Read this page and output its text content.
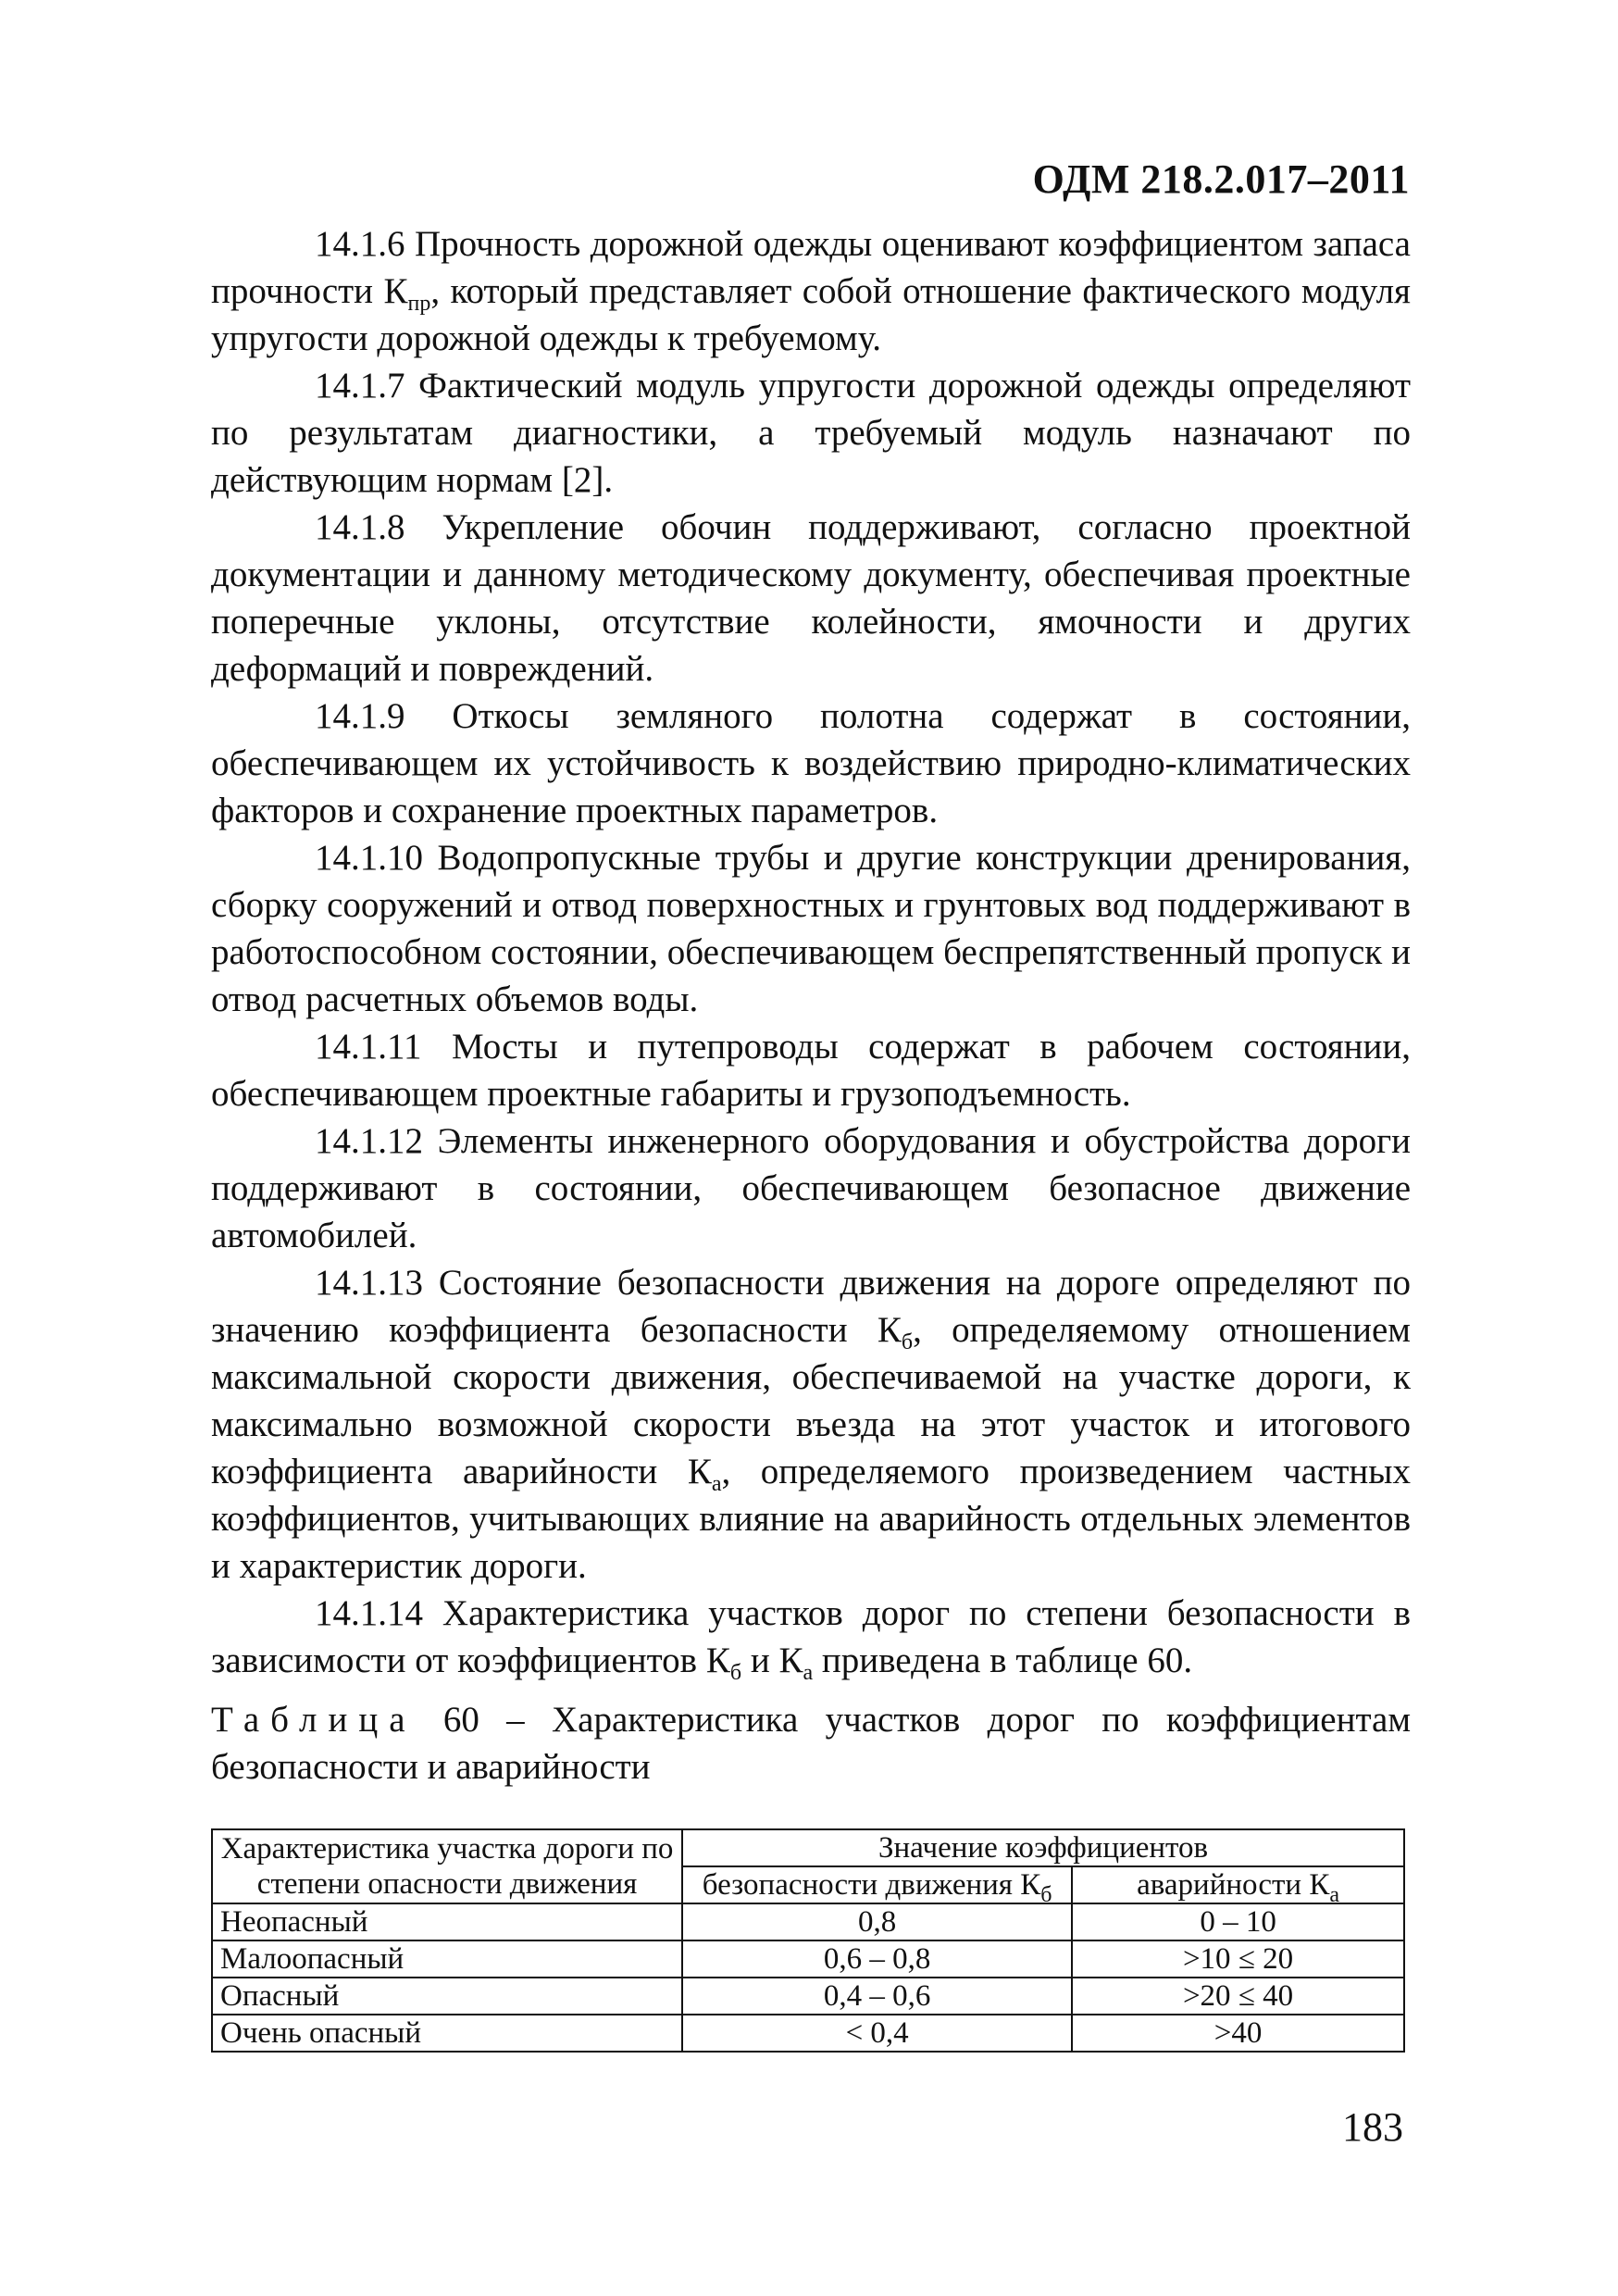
ОДМ 218.2.017–2011

14.1.6 Прочность дорожной одежды оценивают коэффициентом запаса прочности $К_{пр}$, который представляет собой отношение фактического модуля упругости дорожной одежды к требуемому.

14.1.7 Фактический модуль упругости дорожной одежды определяют по результатам диагностики, а требуемый модуль назначают по действующим нормам [2].

14.1.8 Укрепление обочин поддерживают, согласно проектной документации и данному методическому документу, обеспечивая проектные поперечные уклоны, отсутствие колейности, ямочности и других деформаций и повреждений.

14.1.9 Откосы земляного полотна содержат в состоянии, обеспечивающем их устойчивость к воздействию природно-климатических факторов и сохранение проектных параметров.

14.1.10 Водопропускные трубы и другие конструкции дренирования, сборку сооружений и отвод поверхностных и грунтовых вод поддерживают в работоспособном состоянии, обеспечивающем беспрепятственный пропуск и отвод расчетных объемов воды.

14.1.11 Мосты и путепроводы содержат в рабочем состоянии, обеспечивающем проектные габариты и грузоподъемность.

14.1.12 Элементы инженерного оборудования и обустройства дороги поддерживают в состоянии, обеспечивающем безопасное движение автомобилей.

14.1.13 Состояние безопасности движения на дороге определяют по значению коэффициента безопасности $К_б$, определяемому отношением максимальной скорости движения, обеспечиваемой на участке дороги, к максимально возможной скорости въезда на этот участок и итогового коэффициента аварийности $К_а$, определяемого произведением частных коэффициентов, учитывающих влияние на аварийность отдельных элементов и характеристик дороги.

14.1.14 Характеристика участков дорог по степени безопасности в зависимости от коэффициентов $К_б$ и $К_а$ приведена в таблице 60.

Таблица 60 – Характеристика участков дорог по коэффициентам безопасности и аварийности
Характеристика участка дороги по степени опасности движения	Значение коэффициентов	
	безопасности движения $К_б$	аварийности $К_а$
Неопасный	0,8	0 – 10
Малоопасный	0,6 – 0,8	>10 ≤ 20
Опасный	0,4 – 0,6	>20 ≤ 40
Очень опасный	< 0,4	>40
183
